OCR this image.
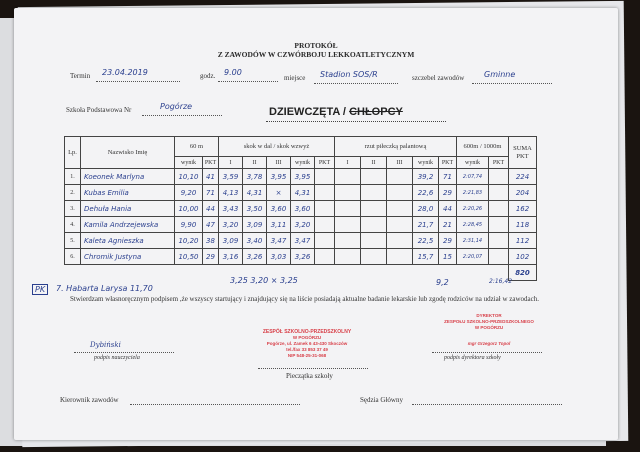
PROTOKÓŁ
Z ZAWODÓW W CZWÓRBOJU LEKKOATLETYCZNYM
Termin 23.04.2019	godz. 9.00
miejsce Stadion SOS/R	szczebel zawodów Gminne
Szkoła Podstawowa Nr	Pogórze	DZIEWCZĘTA / CHŁOPCY
Lp.	Nazwisko Imię	60 m		skok w dal / skok wzwyż					rzut piłeczką palantową					600m / 1000m		SUMA PKT
		wynik	PKT	I	II	III	wynik	PKT	I	II	III	wynik	PKT	wynik	PKT	
1.	Koeonek Marlyna	10,10	41	3,59	3,78	3,95	3,95					39,2	71	2:07,74		224
2.	Kubas Emilia	9,20	71	4,13	4,31	×	4,31					22,6	29	2:21,83		204
3.	Dehuła Hania	10,00	44	3,43	3,50	3,60	3,60					28,0	44	2:20,26		162
4.	Kamila Andrzejewska	9,90	47	3,20	3,09	3,11	3,20					21,7	21	2:28,45		118
5.	Kaleta Agnieszka	10,20	38	3,09	3,40	3,47	3,47					22,5	29	2:31,14		112
6.	Chromik Justyna	10,50	29	3,16	3,26	3,03	3,26					15,7	15	2:20,07		102
																820
PK	7. Habarta Larysa 11,70
3,25 3,20 × 3,25	9,2	2:16,42
Stwierdzam własnoręcznym podpisem ,że wszyscy startujący i znajdujący się na liście posiadają aktualne badanie lekarskie lub zgodę rodziców na udział w zawodach.
ZESPÓŁ SZKOLNO-PRZEDSZKOLNY
W POGÓRZU
Pogórze, ul. Zamek 6 43-430 Skoczów
tel./fax 33 853 37 49
NIP 548-25-31-068
DYREKTOR
ZESPOŁU SZKOLNO-PRZEDSZKOLNEGO
W POGÓRZU
mgr Grzegorz Topol
Dybiński
podpis nauczyciela
Pieczątka szkoły
podpis dyrektora szkoły
Kierownik zawodów	Sędzia Główny
